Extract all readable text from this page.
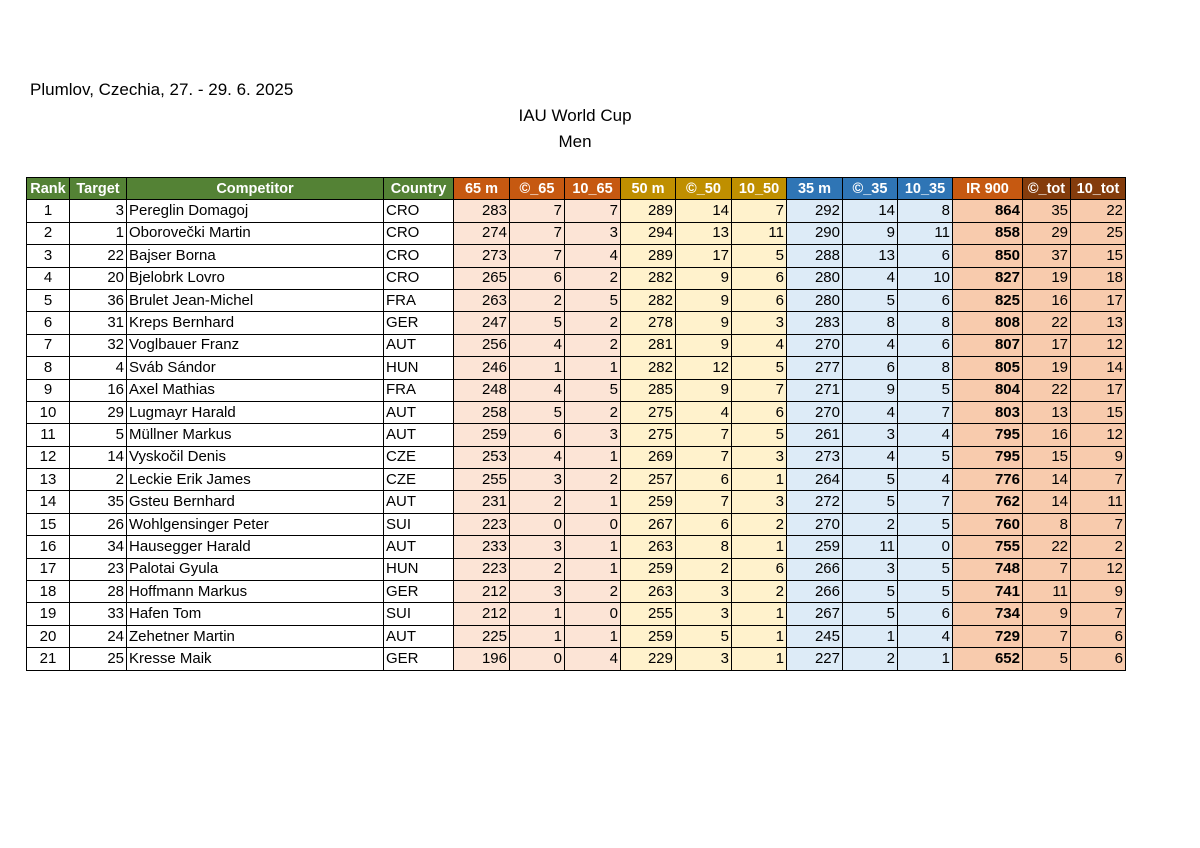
Plumlov, Czechia, 27. - 29. 6. 2025
IAU World Cup
Men
Rank	Target	Competitor	Country	65 m	©_65	10_65	50 m	©_50	10_50	35 m	©_35	10_35	IR 900	©_tot	10_tot
1	3	Pereglin Domagoj	CRO	283	7	7	289	14	7	292	14	8	864	35	22
2	1	Oborovečki Martin	CRO	274	7	3	294	13	11	290	9	11	858	29	25
3	22	Bajser Borna	CRO	273	7	4	289	17	5	288	13	6	850	37	15
4	20	Bjelobrk Lovro	CRO	265	6	2	282	9	6	280	4	10	827	19	18
5	36	Brulet Jean-Michel	FRA	263	2	5	282	9	6	280	5	6	825	16	17
6	31	Kreps Bernhard	GER	247	5	2	278	9	3	283	8	8	808	22	13
7	32	Voglbauer Franz	AUT	256	4	2	281	9	4	270	4	6	807	17	12
8	4	Sváb Sándor	HUN	246	1	1	282	12	5	277	6	8	805	19	14
9	16	Axel Mathias	FRA	248	4	5	285	9	7	271	9	5	804	22	17
10	29	Lugmayr Harald	AUT	258	5	2	275	4	6	270	4	7	803	13	15
11	5	Müllner Markus	AUT	259	6	3	275	7	5	261	3	4	795	16	12
12	14	Vyskočil Denis	CZE	253	4	1	269	7	3	273	4	5	795	15	9
13	2	Leckie Erik James	CZE	255	3	2	257	6	1	264	5	4	776	14	7
14	35	Gsteu Bernhard	AUT	231	2	1	259	7	3	272	5	7	762	14	11
15	26	Wohlgensinger Peter	SUI	223	0	0	267	6	2	270	2	5	760	8	7
16	34	Hausegger Harald	AUT	233	3	1	263	8	1	259	11	0	755	22	2
17	23	Palotai Gyula	HUN	223	2	1	259	2	6	266	3	5	748	7	12
18	28	Hoffmann Markus	GER	212	3	2	263	3	2	266	5	5	741	11	9
19	33	Hafen Tom	SUI	212	1	0	255	3	1	267	5	6	734	9	7
20	24	Zehetner Martin	AUT	225	1	1	259	5	1	245	1	4	729	7	6
21	25	Kresse Maik	GER	196	0	4	229	3	1	227	2	1	652	5	6
